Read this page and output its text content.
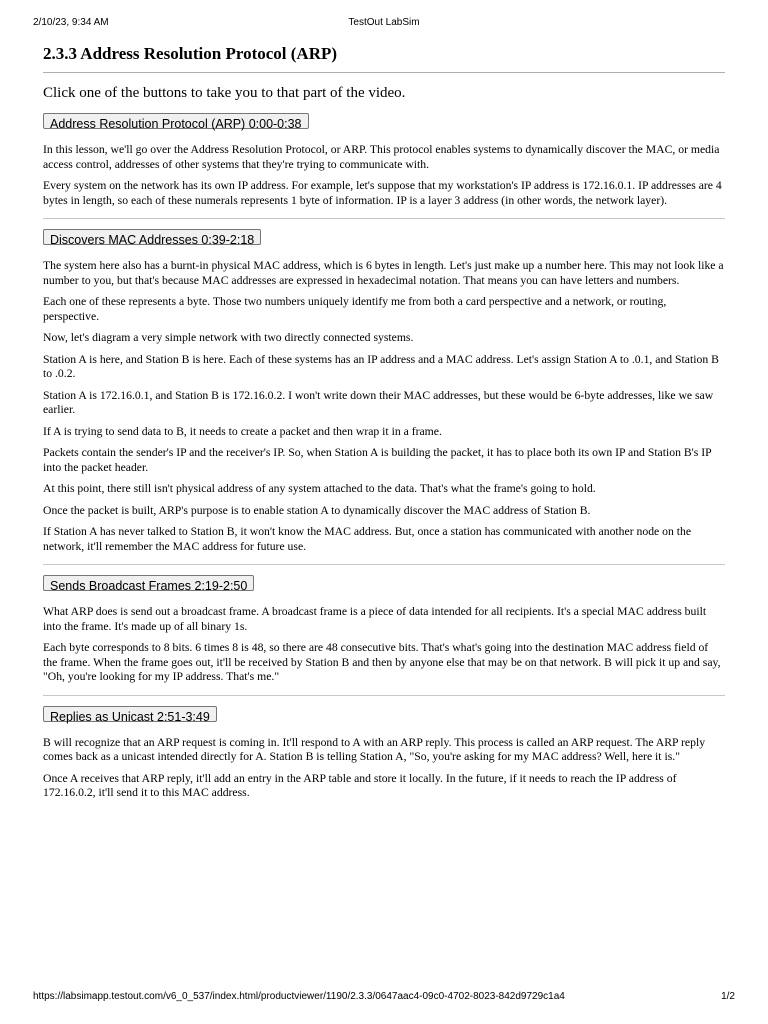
2/10/23, 9:34 AM	TestOut LabSim
2.3.3 Address Resolution Protocol (ARP)
Click one of the buttons to take you to that part of the video.
Address Resolution Protocol (ARP) 0:00-0:38

In this lesson, we'll go over the Address Resolution Protocol, or ARP. This protocol enables systems to dynamically discover the MAC, or media access control, addresses of other systems that they're trying to communicate with.

Every system on the network has its own IP address. For example, let's suppose that my workstation's IP address is 172.16.0.1. IP addresses are 4 bytes in length, so each of these numerals represents 1 byte of information. IP is a layer 3 address (in other words, the network layer).

Discovers MAC Addresses 0:39-2:18

The system here also has a burnt-in physical MAC address, which is 6 bytes in length. Let's just make up a number here. This may not look like a number to you, but that's because MAC addresses are expressed in hexadecimal notation. That means you can have letters and numbers.

Each one of these represents a byte. Those two numbers uniquely identify me from both a card perspective and a network, or routing, perspective.

Now, let's diagram a very simple network with two directly connected systems.

Station A is here, and Station B is here. Each of these systems has an IP address and a MAC address. Let's assign Station A to .0.1, and Station B to .0.2.

Station A is 172.16.0.1, and Station B is 172.16.0.2. I won't write down their MAC addresses, but these would be 6-byte addresses, like we saw earlier.

If A is trying to send data to B, it needs to create a packet and then wrap it in a frame.

Packets contain the sender's IP and the receiver's IP. So, when Station A is building the packet, it has to place both its own IP and Station B's IP into the packet header.

At this point, there still isn't physical address of any system attached to the data. That's what the frame's going to hold.

Once the packet is built, ARP's purpose is to enable station A to dynamically discover the MAC address of Station B.

If Station A has never talked to Station B, it won't know the MAC address. But, once a station has communicated with another node on the network, it'll remember the MAC address for future use.

Sends Broadcast Frames 2:19-2:50

What ARP does is send out a broadcast frame. A broadcast frame is a piece of data intended for all recipients. It's a special MAC address built into the frame. It's made up of all binary 1s.

Each byte corresponds to 8 bits. 6 times 8 is 48, so there are 48 consecutive bits. That's what's going into the destination MAC address field of the frame. When the frame goes out, it'll be received by Station B and then by anyone else that may be on that network. B will pick it up and say, "Oh, you're looking for my IP address. That's me."

Replies as Unicast 2:51-3:49

B will recognize that an ARP request is coming in. It'll respond to A with an ARP reply. This process is called an ARP request. The ARP reply comes back as a unicast intended directly for A. Station B is telling Station A, "So, you're asking for my MAC address? Well, here it is."

Once A receives that ARP reply, it'll add an entry in the ARP table and store it locally. In the future, if it needs to reach the IP address of 172.16.0.2, it'll send it to this MAC address.

https://labsimapp.testout.com/v6_0_537/index.html/productviewer/1190/2.3.3/0647aac4-09c0-4702-8023-842d9729c1a4	1/2
